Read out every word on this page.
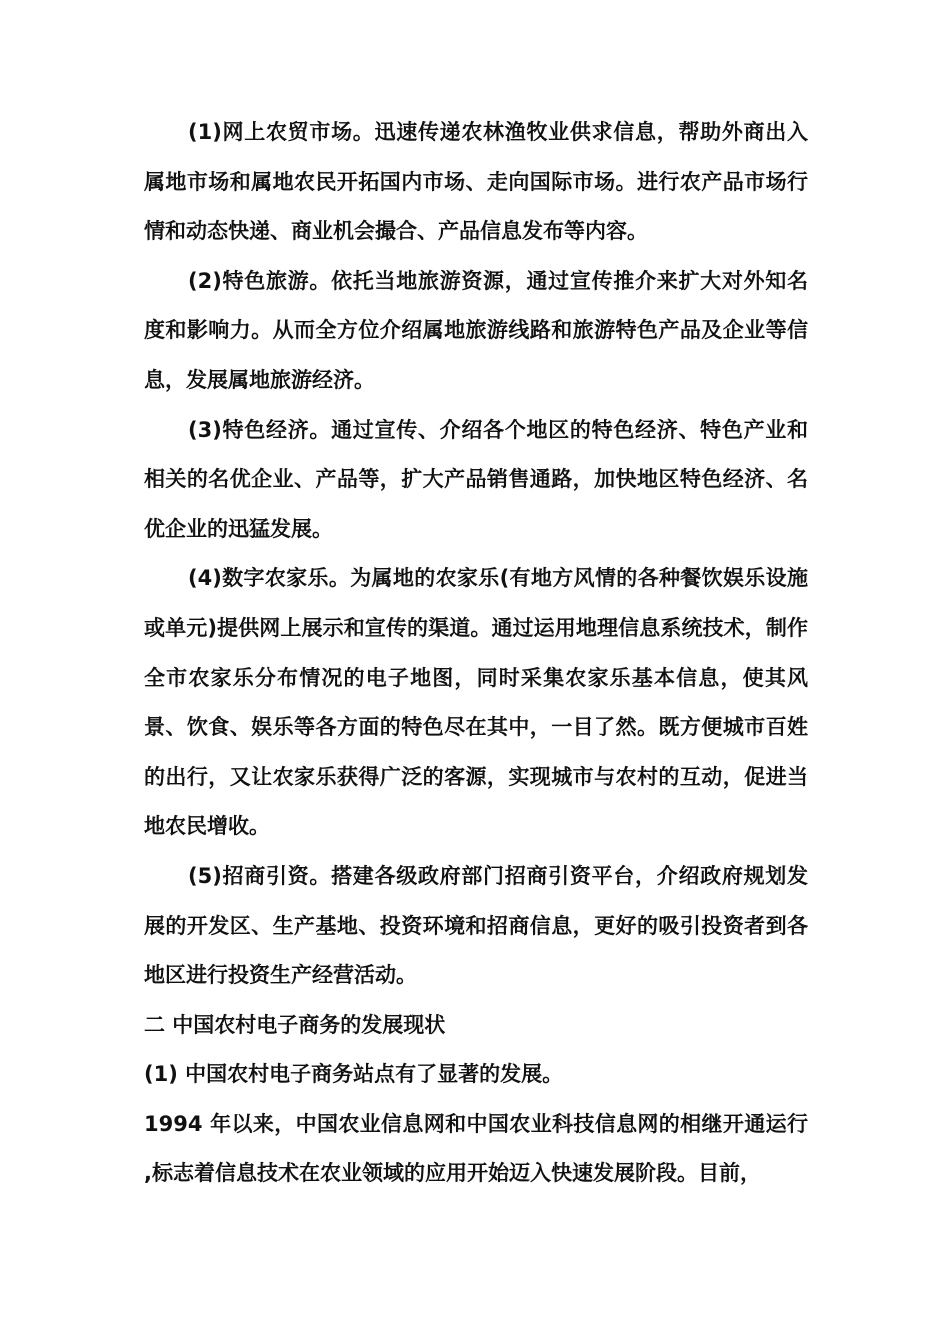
(1)网上农贸市场。迅速传递农林渔牧业供求信息，帮助外商出入属地市场和属地农民开拓国内市场、走向国际市场。进行农产品市场行情和动态快递、商业机会撮合、产品信息发布等内容。

(2)特色旅游。依托当地旅游资源，通过宣传推介来扩大对外知名度和影响力。从而全方位介绍属地旅游线路和旅游特色产品及企业等信息，发展属地旅游经济。

(3)特色经济。通过宣传、介绍各个地区的特色经济、特色产业和相关的名优企业、产品等，扩大产品销售通路，加快地区特色经济、名优企业的迅猛发展。

(4)数字农家乐。为属地的农家乐(有地方风情的各种餐饮娱乐设施或单元)提供网上展示和宣传的渠道。通过运用地理信息系统技术，制作全市农家乐分布情况的电子地图，同时采集农家乐基本信息，使其风景、饮食、娱乐等各方面的特色尽在其中，一目了然。既方便城市百姓的出行，又让农家乐获得广泛的客源，实现城市与农村的互动，促进当地农民增收。

(5)招商引资。搭建各级政府部门招商引资平台，介绍政府规划发展的开发区、生产基地、投资环境和招商信息，更好的吸引投资者到各地区进行投资生产经营活动。

二 中国农村电子商务的发展现状

(1) 中国农村电子商务站点有了显著的发展。

1994 年以来，中国农业信息网和中国农业科技信息网的相继开通运行 ,标志着信息技术在农业领域的应用开始迈入快速发展阶段。目前，
